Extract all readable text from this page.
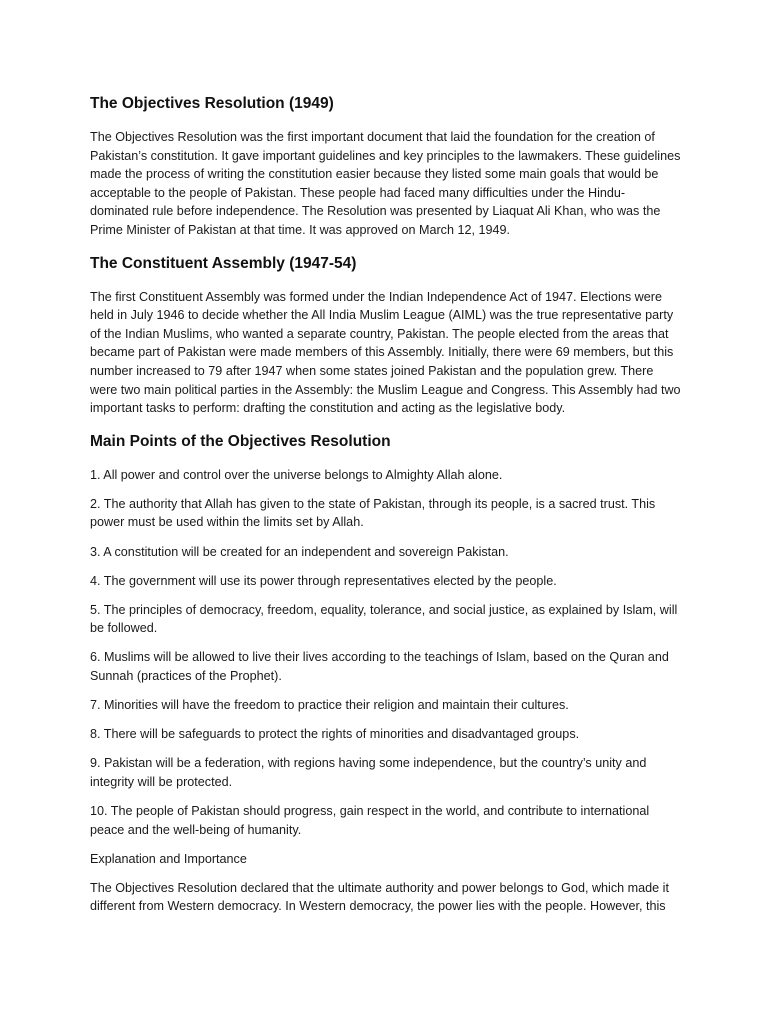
The Objectives Resolution (1949)

The Objectives Resolution was the first important document that laid the foundation for the creation of Pakistan’s constitution. It gave important guidelines and key principles to the lawmakers. These guidelines made the process of writing the constitution easier because they listed some main goals that would be acceptable to the people of Pakistan. These people had faced many difficulties under the Hindu-dominated rule before independence. The Resolution was presented by Liaquat Ali Khan, who was the Prime Minister of Pakistan at that time. It was approved on March 12, 1949.

The Constituent Assembly (1947-54)

The first Constituent Assembly was formed under the Indian Independence Act of 1947. Elections were held in July 1946 to decide whether the All India Muslim League (AIML) was the true representative party of the Indian Muslims, who wanted a separate country, Pakistan. The people elected from the areas that became part of Pakistan were made members of this Assembly. Initially, there were 69 members, but this number increased to 79 after 1947 when some states joined Pakistan and the population grew. There were two main political parties in the Assembly: the Muslim League and Congress. This Assembly had two important tasks to perform: drafting the constitution and acting as the legislative body.

Main Points of the Objectives Resolution

1. All power and control over the universe belongs to Almighty Allah alone.

2. The authority that Allah has given to the state of Pakistan, through its people, is a sacred trust. This power must be used within the limits set by Allah.

3. A constitution will be created for an independent and sovereign Pakistan.

4. The government will use its power through representatives elected by the people.

5. The principles of democracy, freedom, equality, tolerance, and social justice, as explained by Islam, will be followed.

6. Muslims will be allowed to live their lives according to the teachings of Islam, based on the Quran and Sunnah (practices of the Prophet).

7. Minorities will have the freedom to practice their religion and maintain their cultures.

8. There will be safeguards to protect the rights of minorities and disadvantaged groups.

9. Pakistan will be a federation, with regions having some independence, but the country’s unity and integrity will be protected.

10. The people of Pakistan should progress, gain respect in the world, and contribute to international peace and the well-being of humanity.

Explanation and Importance

The Objectives Resolution declared that the ultimate authority and power belongs to God, which made it different from Western democracy. In Western democracy, the power lies with the people. However, this
